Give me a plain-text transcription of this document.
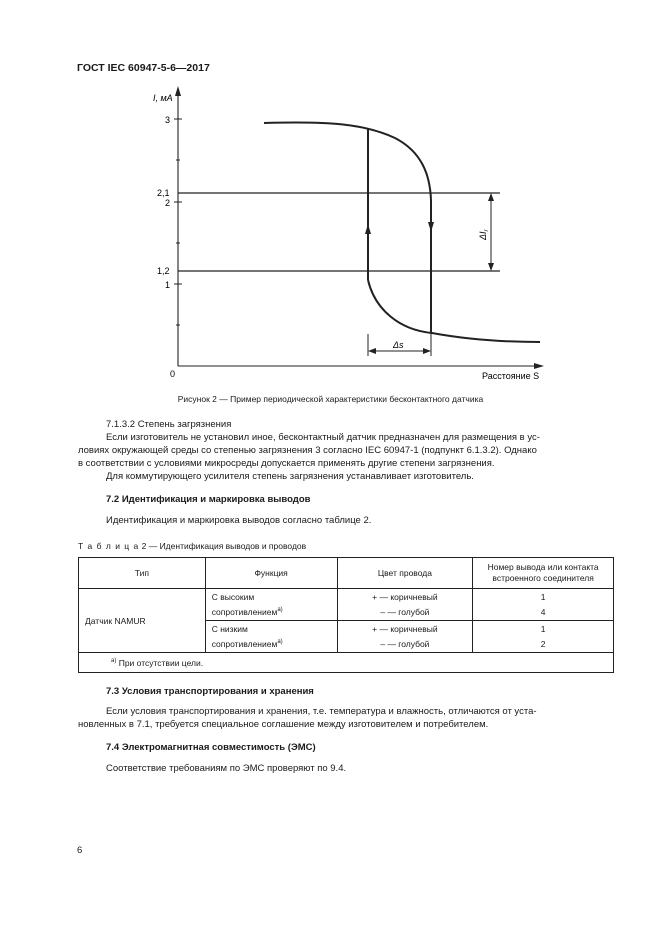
ГОСТ IEC 60947-5-6—2017
I, мА
3
2,1
2
1,2
1
0	Расстояние S
Δs
$\Delta I_r$
Рисунок 2 — Пример периодической характеристики бесконтактного датчика
7.1.3.2 Степень загрязнения
Если изготовитель не установил иное, бесконтактный датчик предназначен для размещения в ус-
ловиях окружающей среды со степенью загрязнения 3 согласно IEC 60947-1 (подпункт 6.1.3.2). Однако
в соответствии с условиями микросреды допускается применять другие степени загрязнения.
Для коммутирующего усилителя степень загрязнения устанавливает изготовитель.
7.2 Идентификация и маркировка выводов
Идентификация и маркировка выводов согласно таблице 2.
Т а б л и ц а 2 — Идентификация выводов и проводов
Тип	Функция	Цвет провода	Номер вывода или контакта
встроенного соединителя

Датчик NAMUR	С высоким
сопротивлением$^{а)}$	+ — коричневый	1
		– — голубой	4

	С низким
сопротивлением$^{а)}$	+ — коричневый	1
		– — голубой	2
$^{а)}$ При отсутствии цели.			
7.3 Условия транспортирования и хранения
Если условия транспортирования и хранения, т.е. температура и влажность, отличаются от уста-
новленных в 7.1, требуется специальное соглашение между изготовителем и потребителем.
7.4 Электромагнитная совместимость (ЭМС)
Соответствие требованиям по ЭМС проверяют по 9.4.
6
